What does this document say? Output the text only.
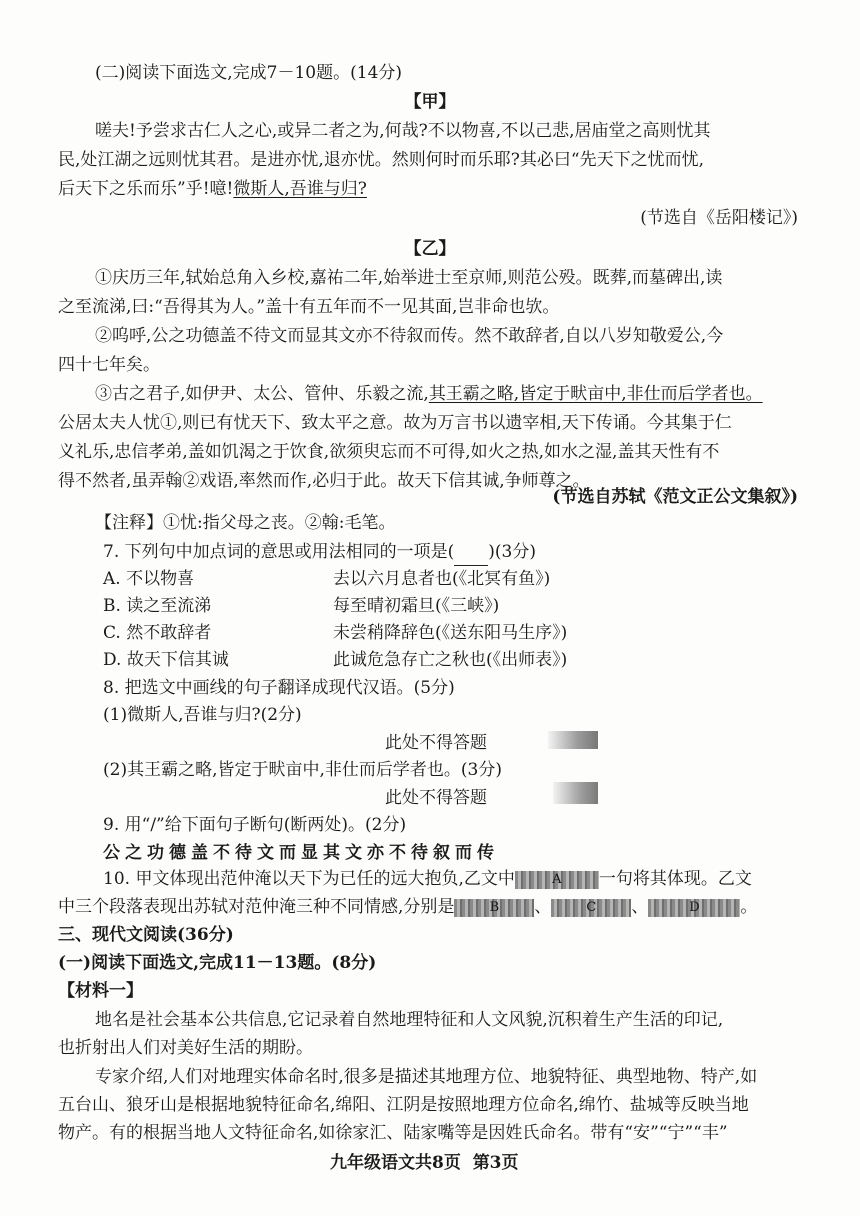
(二)阅读下面选文,完成7－10题。(14分)
【甲】
嗟夫!予尝求古仁人之心,或异二者之为,何哉?不以物喜,不以己悲,居庙堂之高则忧其
民,处江湖之远则忧其君。是进亦忧,退亦忧。然则何时而乐耶?其必曰“先天下之忧而忧,
后天下之乐而乐”乎!噫!微斯人,吾谁与归?
(节选自《岳阳楼记》)
【乙】
①庆历三年,轼始总角入乡校,嘉祐二年,始举进士至京师,则范公殁。既葬,而墓碑出,读
之至流涕,曰:“吾得其为人。”盖十有五年而不一见其面,岂非命也欤。
②呜呼,公之功德盖不待文而显其文亦不待叙而传。然不敢辞者,自以八岁知敬爱公,今
四十七年矣。
③古之君子,如伊尹、太公、管仲、乐毅之流,其王霸之略,皆定于畎亩中,非仕而后学者也。
公居太夫人忧①,则已有忧天下、致太平之意。故为万言书以遗宰相,天下传诵。今其集于仁
义礼乐,忠信孝弟,盖如饥渴之于饮食,欲须臾忘而不可得,如火之热,如水之湿,盖其天性有不
得不然者,虽弄翰②戏语,率然而作,必归于此。故天下信其诚,争师尊之。
(节选自苏轼《范文正公文集叙》)
【注释】①忧:指父母之丧。②翰:毛笔。
7. 下列句中加点词的意思或用法相同的一项是( )(3分)
A. 不以物喜	去以六月息者也(《北冥有鱼》)
B. 读之至流涕	每至晴初霜旦(《三峡》)
C. 然不敢辞者	未尝稍降辞色(《送东阳马生序》)
D. 故天下信其诚	此诚危急存亡之秋也(《出师表》)
8. 把选文中画线的句子翻译成现代汉语。(5分)
(1)微斯人,吾谁与归?(2分)
此处不得答题
(2)其王霸之略,皆定于畎亩中,非仕而后学者也。(3分)
此处不得答题
9. 用“/”给下面句子断句(断两处)。(2分)
公之功德盖不待文而显其文亦不待叙而传
10. 甲文体现出范仲淹以天下为已任的远大抱负,乙文中	A 一句将其体现。乙文
中三个段落表现出苏轼对范仲淹三种不同情感,分别是	B 、	C 、	D 。
三、现代文阅读(36分)
(一)阅读下面选文,完成11－13题。(8分)
【材料一】
地名是社会基本公共信息,它记录着自然地理特征和人文风貌,沉积着生产生活的印记,
也折射出人们对美好生活的期盼。
专家介绍,人们对地理实体命名时,很多是描述其地理方位、地貌特征、典型地物、特产,如
五台山、狼牙山是根据地貌特征命名,绵阳、江阴是按照地理方位命名,绵竹、盐城等反映当地
物产。有的根据当地人文特征命名,如徐家汇、陆家嘴等是因姓氏命名。带有“安”“宁”“丰”
九年级语文共8页 第3页
